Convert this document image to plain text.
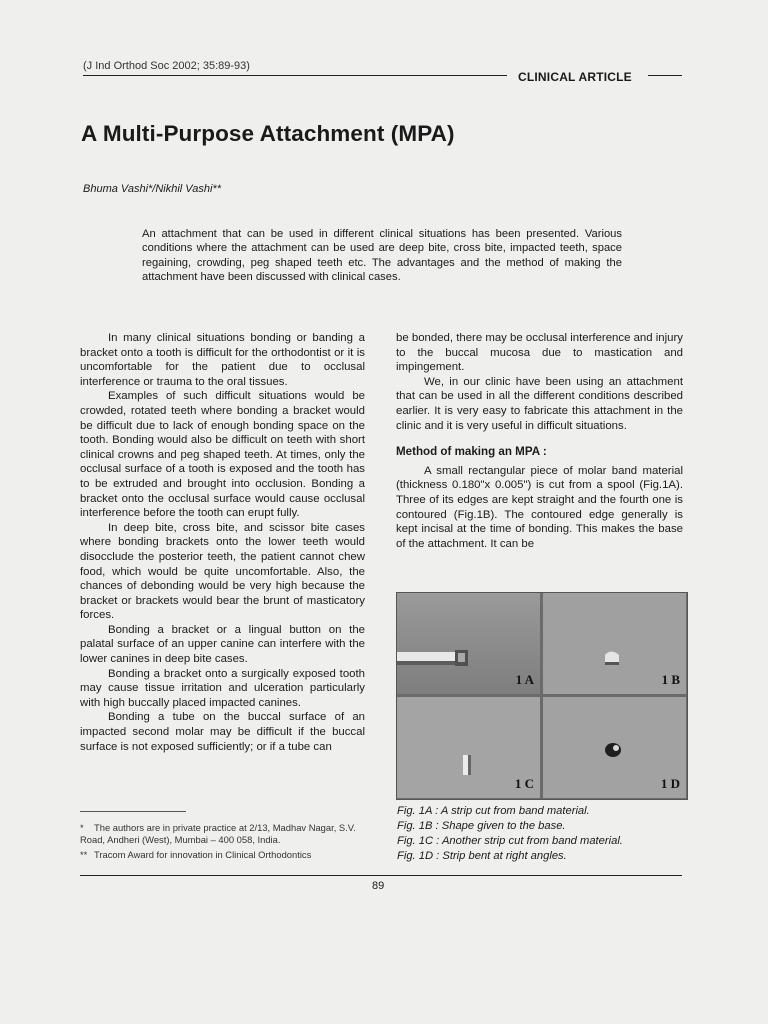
(J Ind Orthod Soc 2002; 35:89-93)
CLINICAL ARTICLE
A Multi-Purpose Attachment (MPA)
Bhuma Vashi*/Nikhil Vashi**

An attachment that can be used in different clinical situations has been presented. Various conditions where the attachment can be used are deep bite, cross bite, impacted teeth, space regaining, crowding, peg shaped teeth etc. The advantages and the method of making the attachment have been discussed with clinical cases.

In many clinical situations bonding or banding a bracket onto a tooth is difficult for the orthodontist or it is uncomfortable for the patient due to occlusal interference or trauma to the oral tissues.

Examples of such difficult situations would be crowded, rotated teeth where bonding a bracket would be difficult due to lack of enough bonding space on the tooth. Bonding would also be difficult on teeth with short clinical crowns and peg shaped teeth. At times, only the occlusal surface of a tooth is exposed and the tooth has to be extruded and brought into occlusion. Bonding a bracket onto the occlusal surface would cause occlusal interference before the tooth can erupt fully.

In deep bite, cross bite, and scissor bite cases where bonding brackets onto the lower teeth would disocclude the posterior teeth, the patient cannot chew food, which would be quite uncomfortable. Also, the chances of debonding would be very high because the bracket or brackets would bear the brunt of masticatory forces.

Bonding a bracket or a lingual button on the palatal surface of an upper canine can interfere with the lower canines in deep bite cases.

Bonding a bracket onto a surgically exposed tooth may cause tissue irritation and ulceration particularly with high buccally placed impacted canines.

Bonding a tube on the buccal surface of an impacted second molar may be difficult if the buccal surface is not exposed sufficiently; or if a tube can

be bonded, there may be occlusal interference and injury to the buccal mucosa due to mastication and impingement.

We, in our clinic have been using an attachment that can be used in all the different conditions described earlier. It is very easy to fabricate this attachment in the clinic and it is very useful in difficult situations.

Method of making an MPA :

A small rectangular piece of molar band material (thickness 0.180"x 0.005") is cut from a spool (Fig.1A). Three of its edges are kept straight and the fourth one is contoured (Fig.1B). The contoured edge generally is kept incisal at the time of bonding. This makes the base of the attachment. It can be

1 A	1 B
1 C	1 D
Fig. 1A : A strip cut from band material.
Fig. 1B : Shape given to the base.
Fig. 1C : Another strip cut from band material.
Fig. 1D : Strip bent at right angles.
* The authors are in private practice at 2/13, Madhav Nagar, S.V. Road, Andheri (West), Mumbai – 400 058, India.
** Tracom Award for innovation in Clinical Orthodontics
89
